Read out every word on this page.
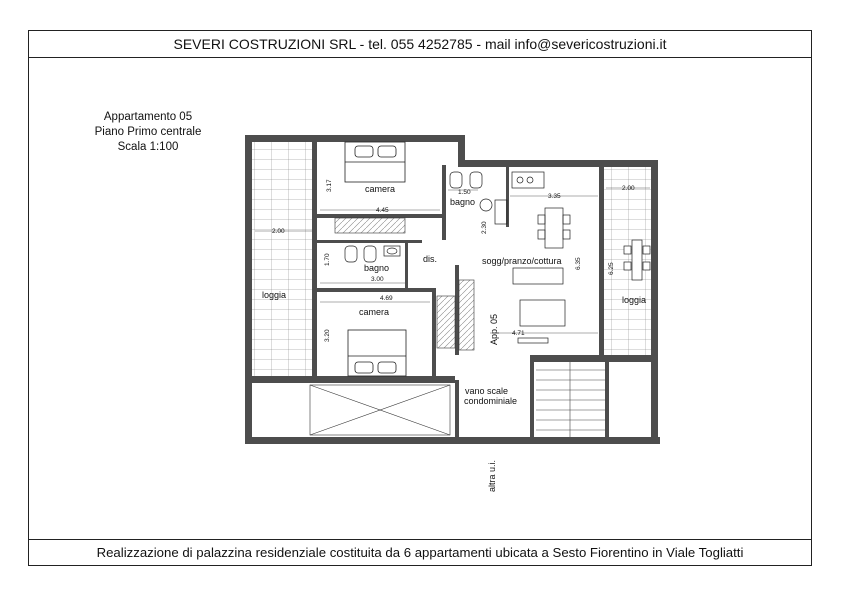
SEVERI COSTRUZIONI SRL - tel. 055 4252785 - mail info@severicostruzioni.it
Realizzazione di palazzina residenziale costituita da 6 appartamenti ubicata a Sesto Fiorentino in Viale Togliatti
Appartamento 05
Piano Primo centrale
Scala 1:100
camera
bagno
bagno
dis.	sogg/pranzo/cottura
camera
loggia	loggia
vano scale
condominiale
App. 05
altra u.i.
3.17
4.45
2.00
1.70
3.00
4.69
3.20
1.50
2.30
3.35
6.35
4.71
2.00
6.25
